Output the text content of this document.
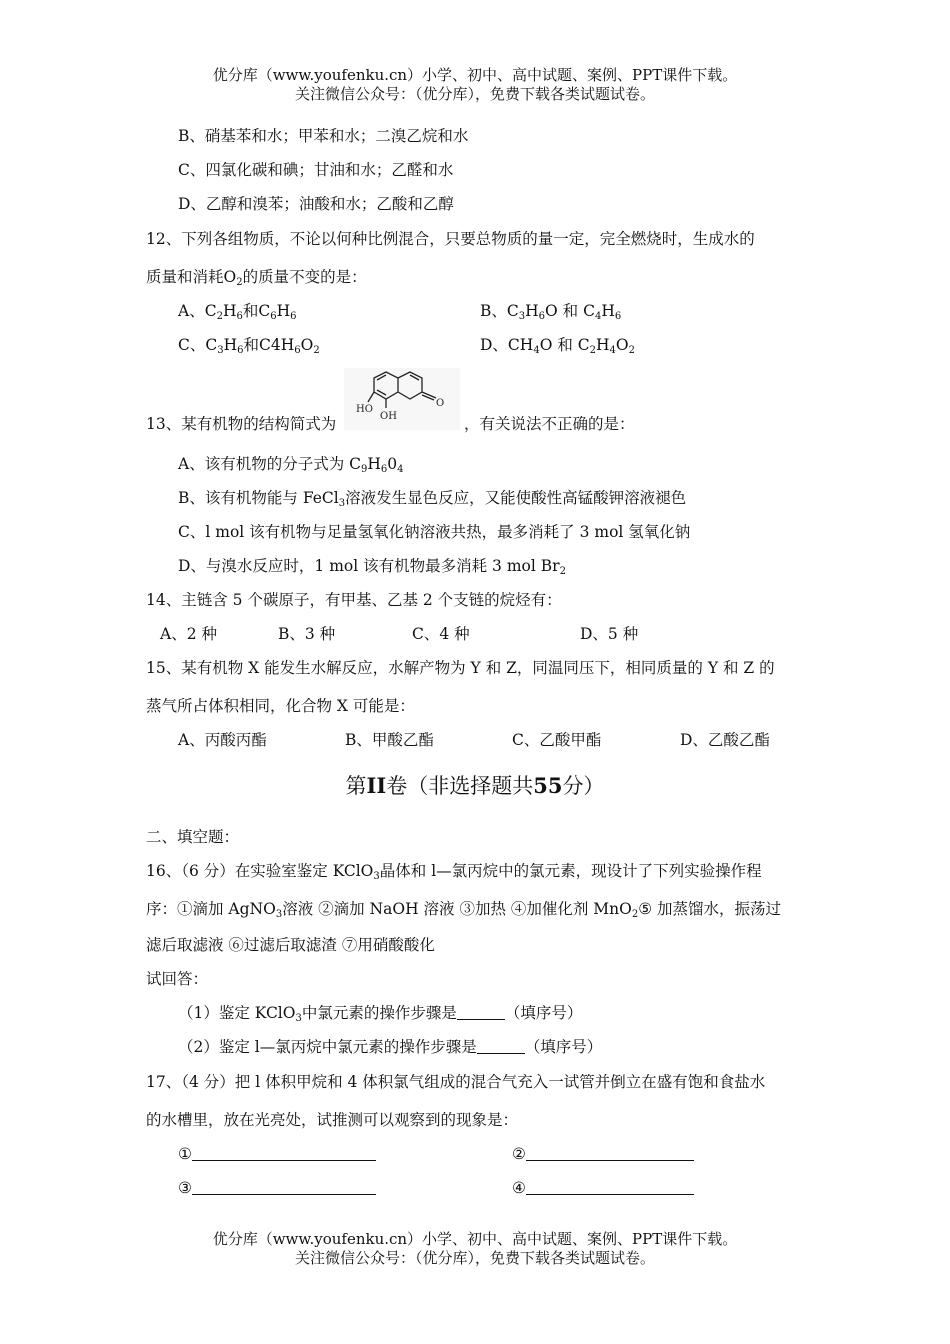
优分库（www.youfenku.cn）小学、初中、高中试题、案例、PPT课件下载。
关注微信公众号：（优分库），免费下载各类试题试卷。
B、硝基苯和水；甲苯和水；二溴乙烷和水
C、四氯化碳和碘；甘油和水；乙醛和水
D、乙醇和溴苯；油酸和水；乙酸和乙醇
12、下列各组物质，不论以何种比例混合，只要总物质的量一定，完全燃烧时，生成水的
质量和消耗$O_2$的质量不变的是：
A、$C_2H_6$和$C_6H_6$	B、$C_3H_6O$ 和 $C_4H_6$
C、$C_3H_6$和$C4H_6O_2$	D、$CH_4O$ 和 $C_2H_4O_2$
HO
OH
O
13、某有机物的结构简式为	，有关说法不正确的是：
A、该有机物的分子式为 $C_9H_60_4$
B、该有机物能与 FeCl$_3$溶液发生显色反应，又能使酸性高锰酸钾溶液褪色
C、l mol 该有机物与足量氢氧化钠溶液共热，最多消耗了 3 mol 氢氧化钠
D、与溴水反应时，1 mol 该有机物最多消耗 3 mol $Br_2$
14、主链含 5 个碳原子，有甲基、乙基 2 个支链的烷烃有：
A、2 种	B、3 种	C、4 种	D、5 种
15、某有机物 X 能发生水解反应，水解产物为 Y 和 Z，同温同压下，相同质量的 Y 和 Z 的
蒸气所占体积相同，化合物 X 可能是：
A、丙酸丙酯	B、甲酸乙酯	C、乙酸甲酯	D、乙酸乙酯
第II卷（非选择题共55分）
二、填空题：
16、（6 分）在实验室鉴定 KClO$_3$晶体和 l—氯丙烷中的氯元素，现设计了下列实验操作程
序：①滴加 AgNO$_3$溶液 ②滴加 NaOH 溶液 ③加热 ④加催化剂 MnO$_2$⑤ 加蒸馏水，振荡过
滤后取滤液 ⑥过滤后取滤渣 ⑦用硝酸酸化
试回答：
（1）鉴定 KClO$_3$中氯元素的操作步骤是	（填序号）
（2）鉴定 l—氯丙烷中氯元素的操作步骤是	（填序号）
17、（4 分）把 l 体积甲烷和 4 体积氯气组成的混合气充入一试管并倒立在盛有饱和食盐水
的水槽里，放在光亮处，试推测可以观察到的现象是：
①	②
③	④
优分库（www.youfenku.cn）小学、初中、高中试题、案例、PPT课件下载。
关注微信公众号：（优分库），免费下载各类试题试卷。
